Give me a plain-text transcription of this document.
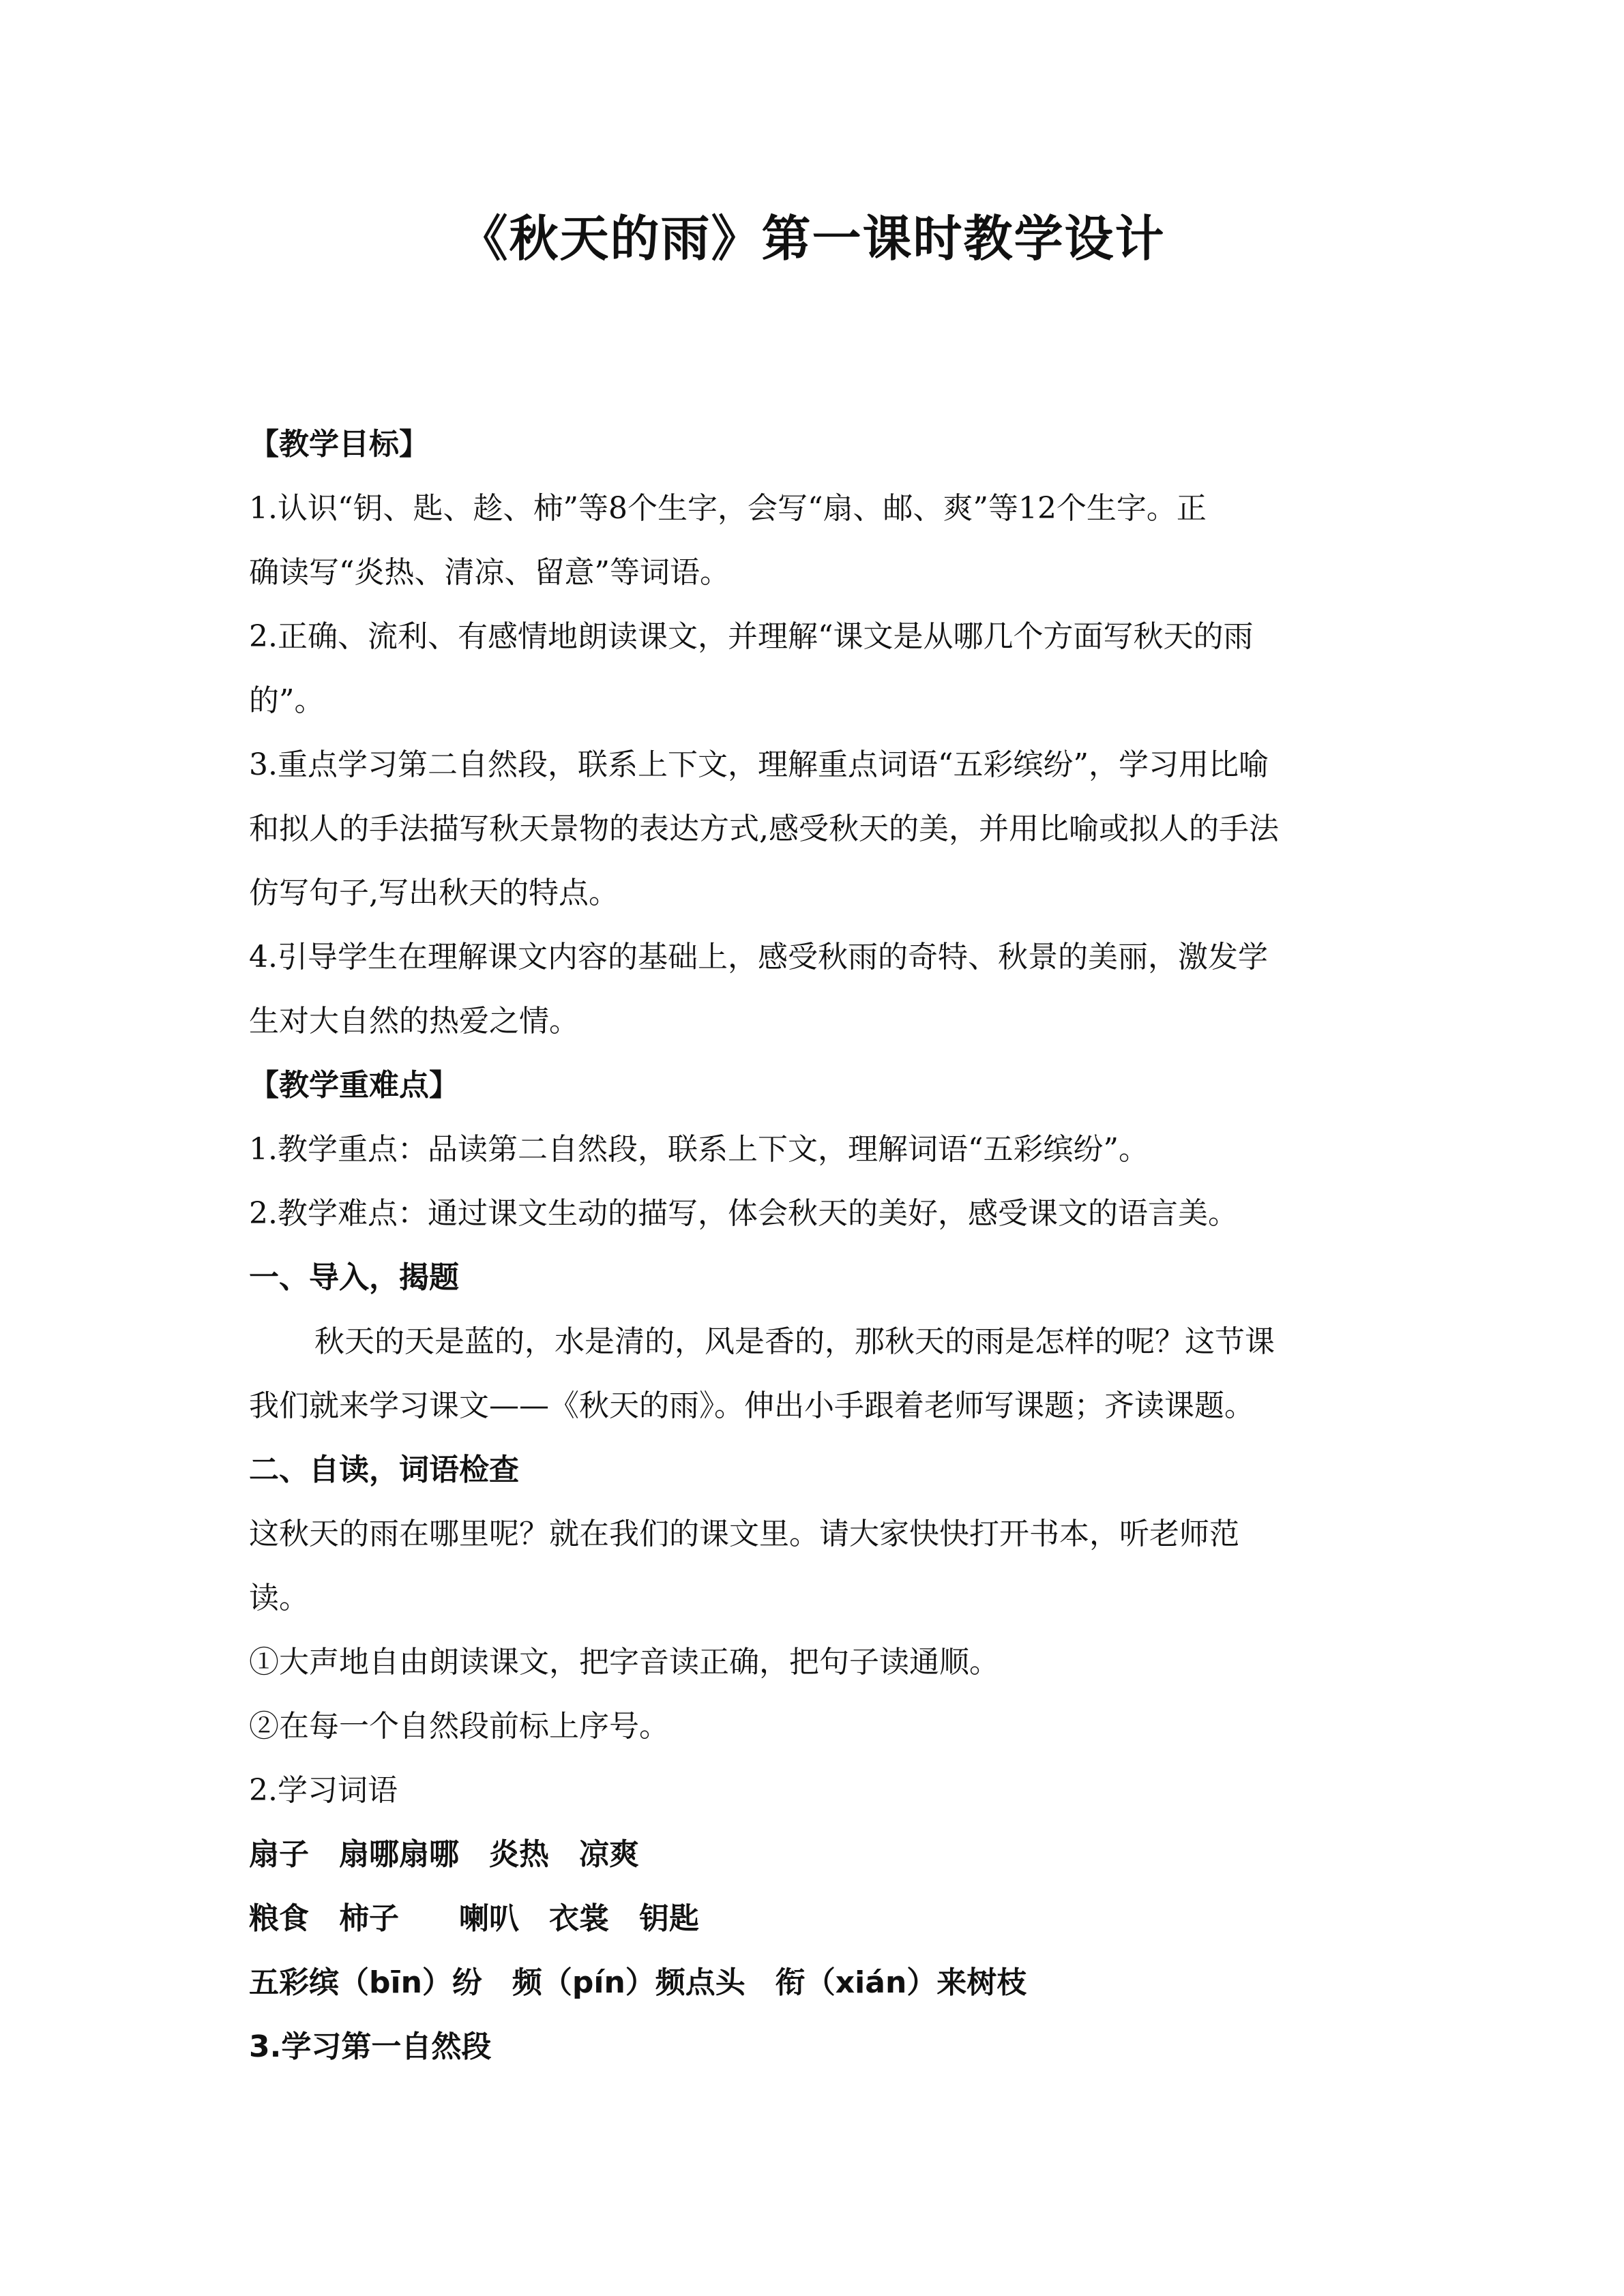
《秋天的雨》第一课时教学设计
【教学目标】
1.认识“钥、匙、趁、柿”等8个生字，会写“扇、邮、爽”等12个生字。正
确读写“炎热、清凉、留意”等词语。
2.正确、流利、有感情地朗读课文，并理解“课文是从哪几个方面写秋天的雨
的”。
3.重点学习第二自然段，联系上下文，理解重点词语“五彩缤纷”，学习用比喻
和拟人的手法描写秋天景物的表达方式,感受秋天的美，并用比喻或拟人的手法
仿写句子,写出秋天的特点。
4.引导学生在理解课文内容的基础上，感受秋雨的奇特、秋景的美丽，激发学
生对大自然的热爱之情。
【教学重难点】
1.教学重点：品读第二自然段，联系上下文，理解词语“五彩缤纷”。
2.教学难点：通过课文生动的描写，体会秋天的美好，感受课文的语言美。
一、导入，揭题
秋天的天是蓝的，水是清的，风是香的，那秋天的雨是怎样的呢？这节课
我们就来学习课文——《秋天的雨》。伸出小手跟着老师写课题；齐读课题。
二、自读，词语检查
这秋天的雨在哪里呢？就在我们的课文里。请大家快快打开书本，听老师范
读。
①大声地自由朗读课文，把字音读正确，把句子读通顺。
②在每一个自然段前标上序号。
2.学习词语
扇子　扇哪扇哪　炎热　凉爽
粮食　柿子　　喇叭　衣裳　钥匙
五彩缤（bīn）纷　频（pín）频点头　衔（xián）来树枝
3.学习第一自然段
